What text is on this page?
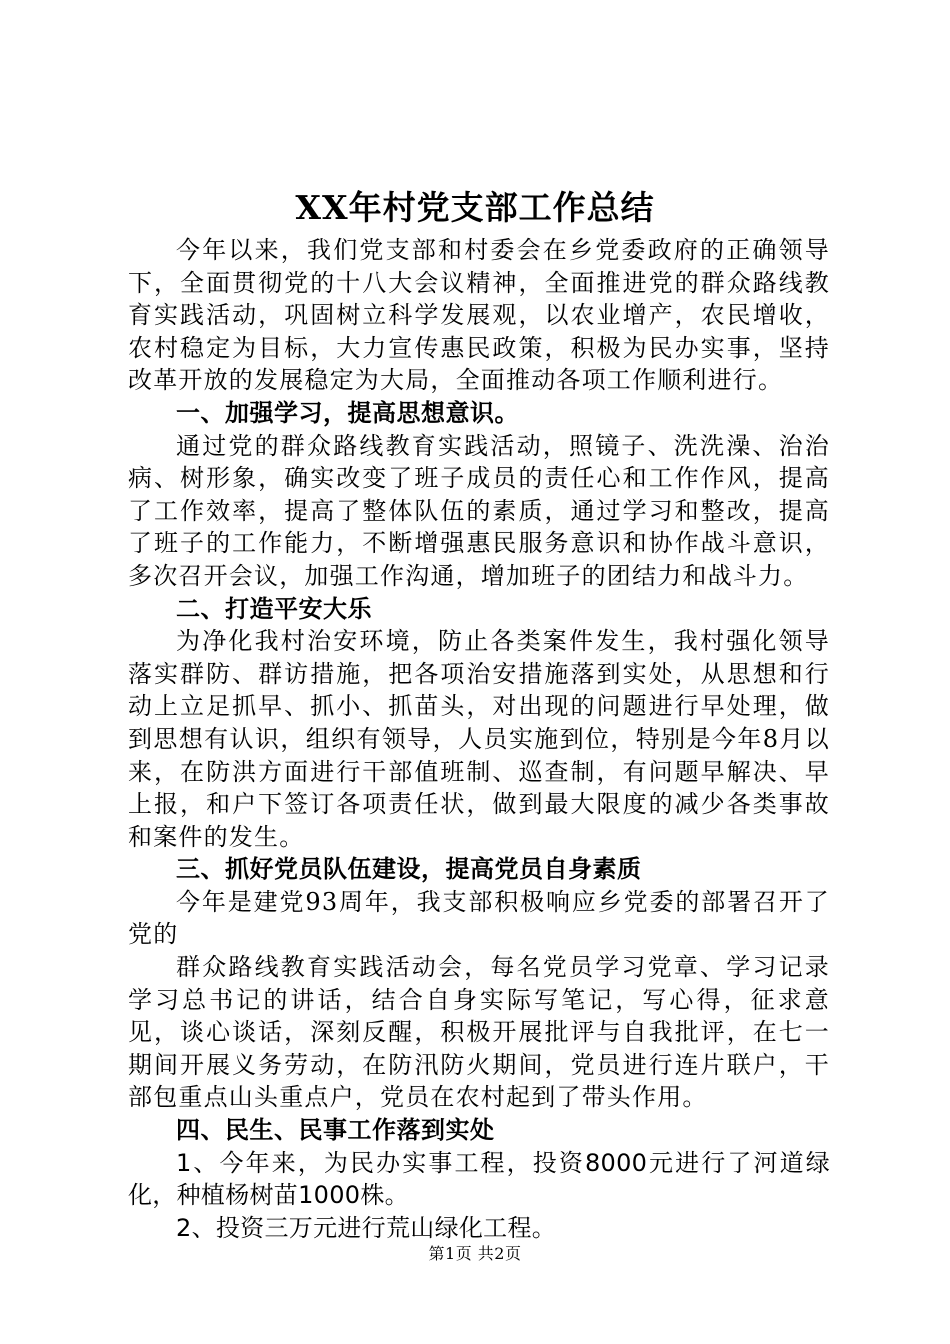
XX年村党支部工作总结

今年以来，我们党支部和村委会在乡党委政府的正确领导下，全面贯彻党的十八大会议精神，全面推进党的群众路线教育实践活动，巩固树立科学发展观，以农业增产，农民增收，农村稳定为目标，大力宣传惠民政策，积极为民办实事，坚持改革开放的发展稳定为大局，全面推动各项工作顺利进行。

一、加强学习，提高思想意识。

通过党的群众路线教育实践活动，照镜子、洗洗澡、治治病、树形象，确实改变了班子成员的责任心和工作作风，提高了工作效率，提高了整体队伍的素质，通过学习和整改，提高了班子的工作能力，不断增强惠民服务意识和协作战斗意识，多次召开会议，加强工作沟通，增加班子的团结力和战斗力。

二、打造平安大乐

为净化我村治安环境，防止各类案件发生，我村强化领导落实群防、群访措施，把各项治安措施落到实处，从思想和行动上立足抓早、抓小、抓苗头，对出现的问题进行早处理，做到思想有认识，组织有领导，人员实施到位，特别是今年8月以来，在防洪方面进行干部值班制、巡查制，有问题早解决、早上报，和户下签订各项责任状，做到最大限度的减少各类事故和案件的发生。

三、抓好党员队伍建设，提高党员自身素质

今年是建党93周年，我支部积极响应乡党委的部署召开了党的

群众路线教育实践活动会，每名党员学习党章、学习记录学习总书记的讲话，结合自身实际写笔记，写心得，征求意见，谈心谈话，深刻反醒，积极开展批评与自我批评，在七一期间开展义务劳动，在防汛防火期间，党员进行连片联户，干部包重点山头重点户，党员在农村起到了带头作用。

四、民生、民事工作落到实处

1、今年来，为民办实事工程，投资8000元进行了河道绿化，种植杨树苗1000株。

2、投资三万元进行荒山绿化工程。

第1页 共2页
